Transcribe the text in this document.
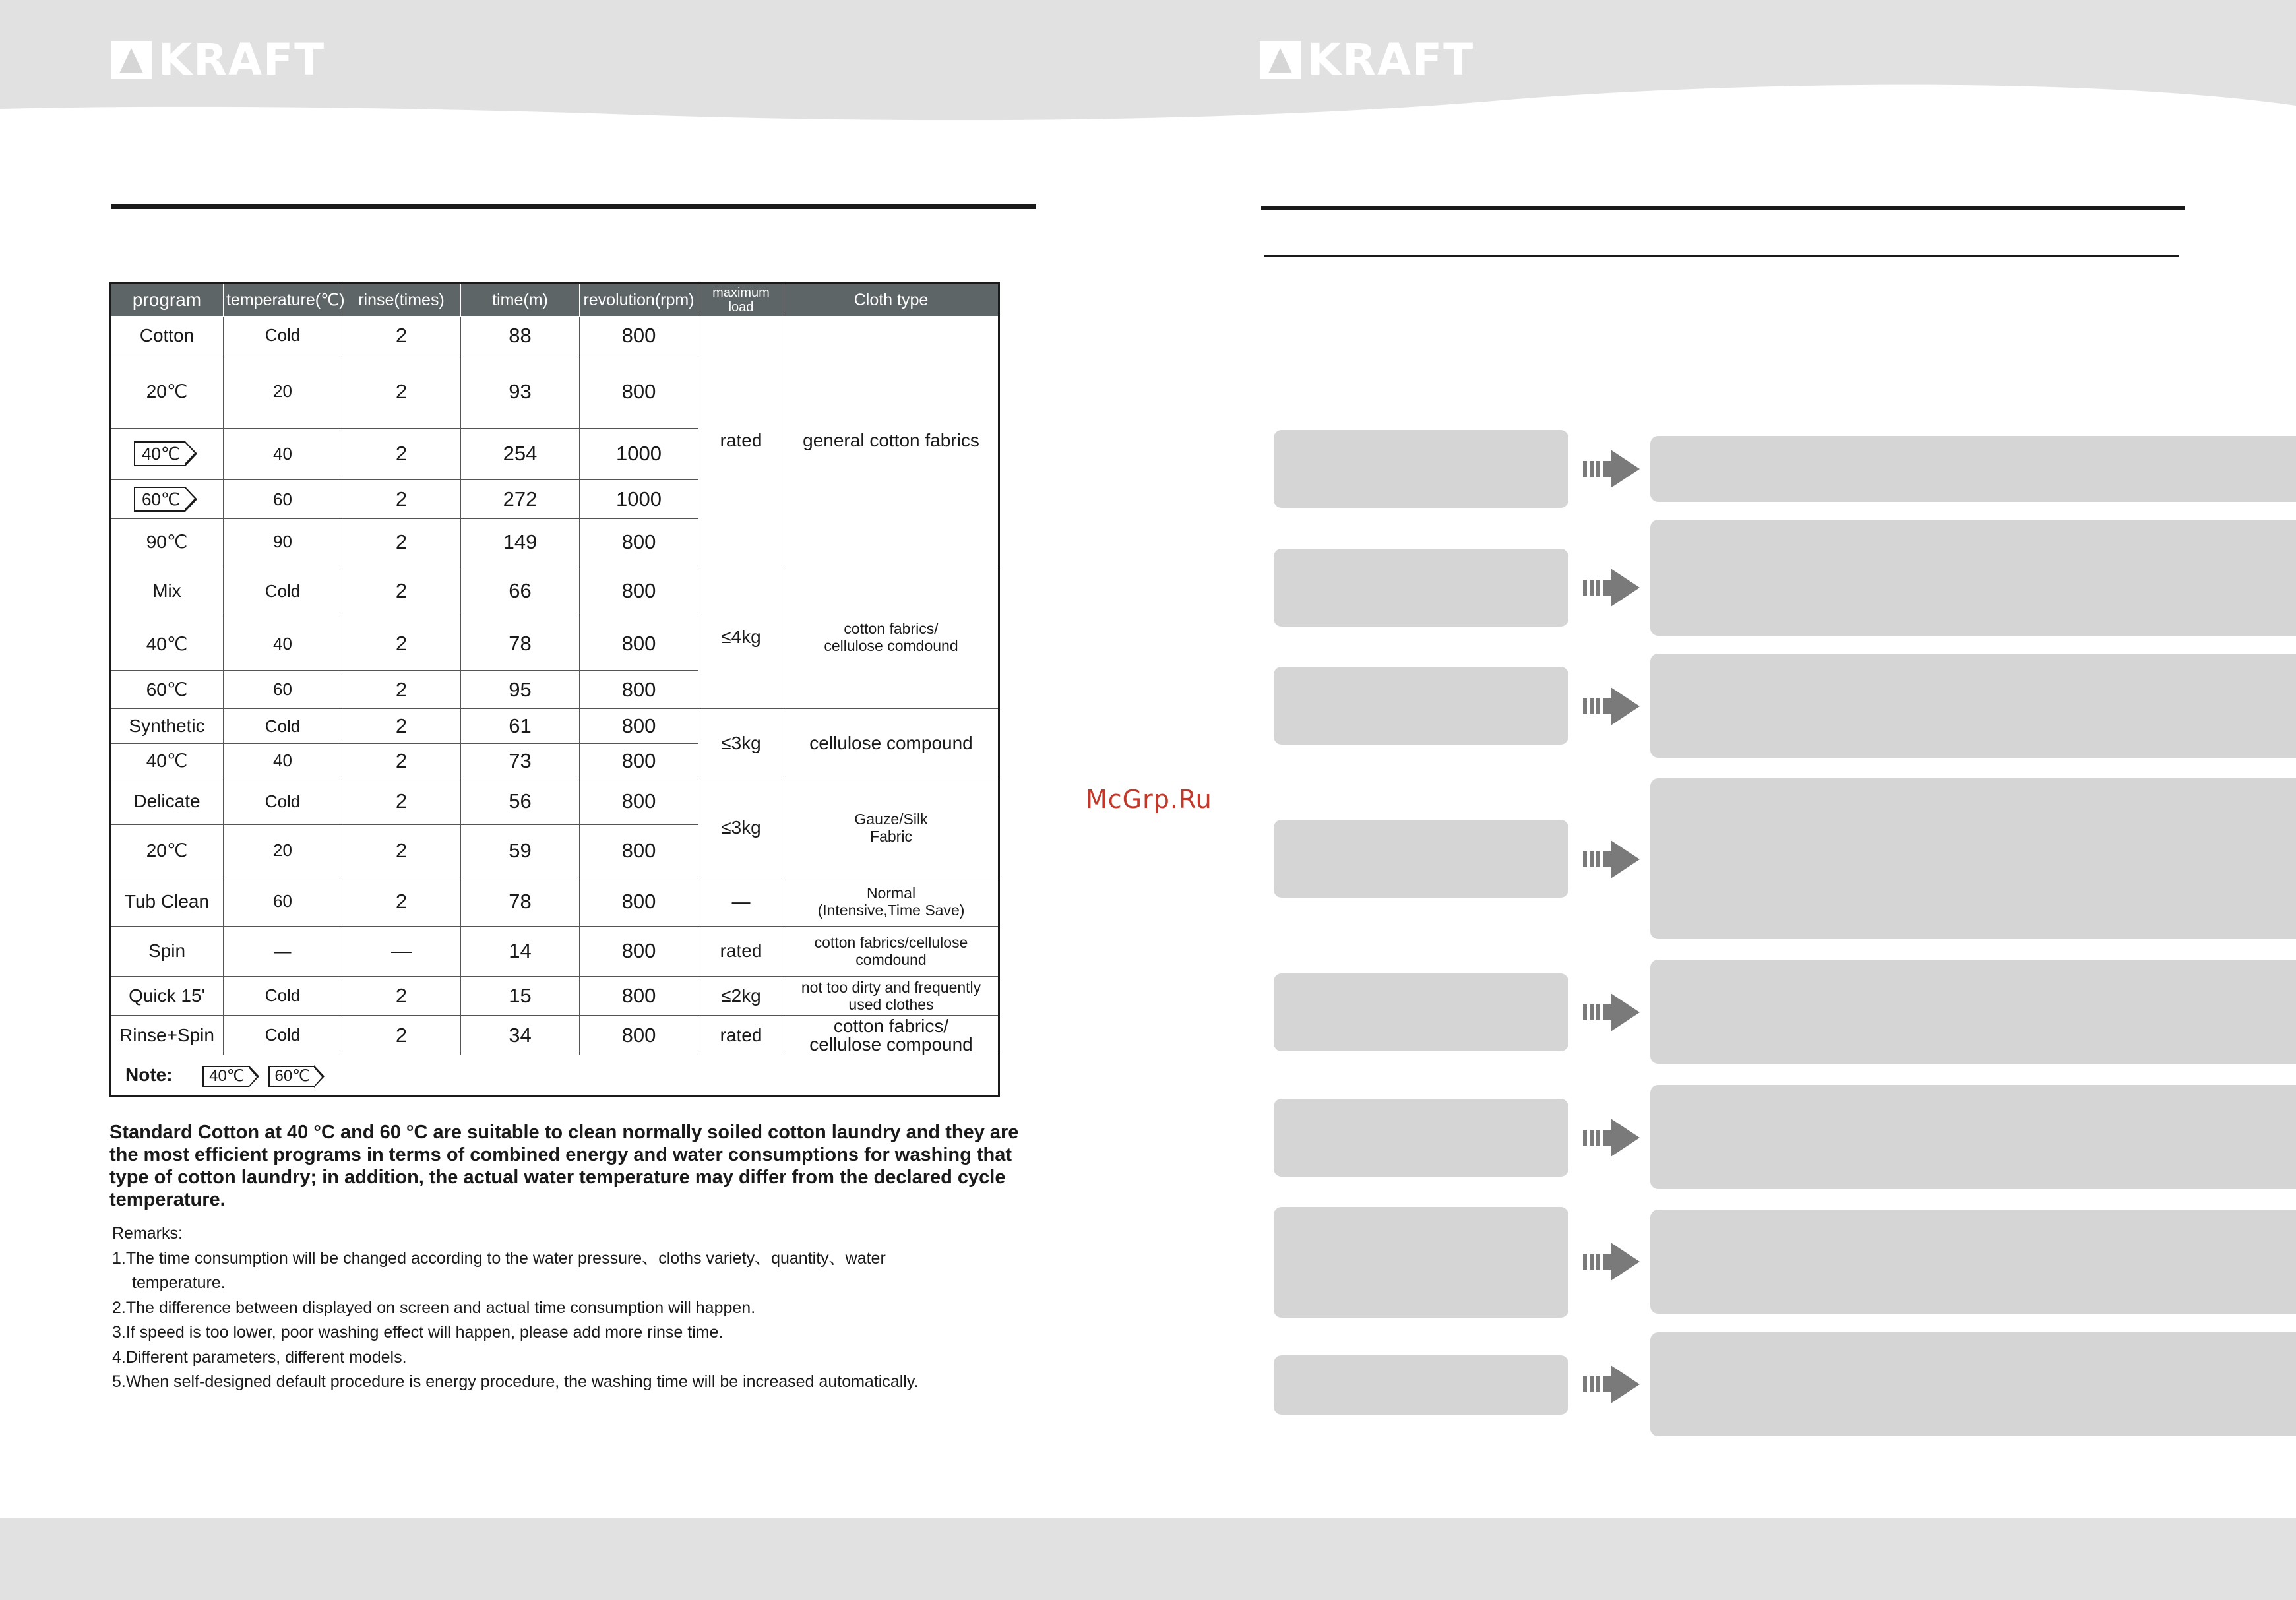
KRAFT	KRAFT
program	temperature(℃)	rinse(times)	time(m)	revolution(rpm)	maximum load	Cloth type
Cotton	Cold	2	88	800	rated	general cotton fabrics
20℃	20	2	93	800		
40℃	40	2	254	1000		
60℃	60	2	272	1000		
90℃	90	2	149	800		
Mix	Cold	2	66	800	≤4kg	cotton fabrics/
cellulose comdound

40℃	40	2	78	800		
60℃	60	2	95	800		
Synthetic	Cold	2	61	800	≤3kg	cellulose compound
40℃	40	2	73	800		
Delicate	Cold	2	56	800	≤3kg	Gauze/Silk
Fabric

20℃	20	2	59	800		
Tub Clean	60	2	78	800	—	Normal
(Intensive,Time Save)

Spin	—	—	14	800	rated	cotton fabrics/cellulose
comdound

Quick 15'	Cold	2	15	800	≤2kg	not too dirty and frequently
used clothes

Rinse+Spin	Cold	2	34	800	rated	cotton fabrics/
cellulose compound

Note: 40℃ 60℃						
Standard Cotton at 40 °C and 60 °C are suitable to clean normally soiled cotton laundry and they are the most efficient programs in terms of combined energy and water consumptions for washing that type of cotton laundry; in addition, the actual water temperature may differ from the declared cycle temperature.
Remarks:
1.The time consumption will be changed according to the water pressure、cloths variety、quantity、water
temperature.
2.The difference between displayed on screen and actual time consumption will happen.
3.If speed is too lower, poor washing effect will happen, please add more rinse time.
4.Different parameters, different models.
5.When self-designed default procedure is energy procedure, the washing time will be increased automatically.
McGrp.Ru
